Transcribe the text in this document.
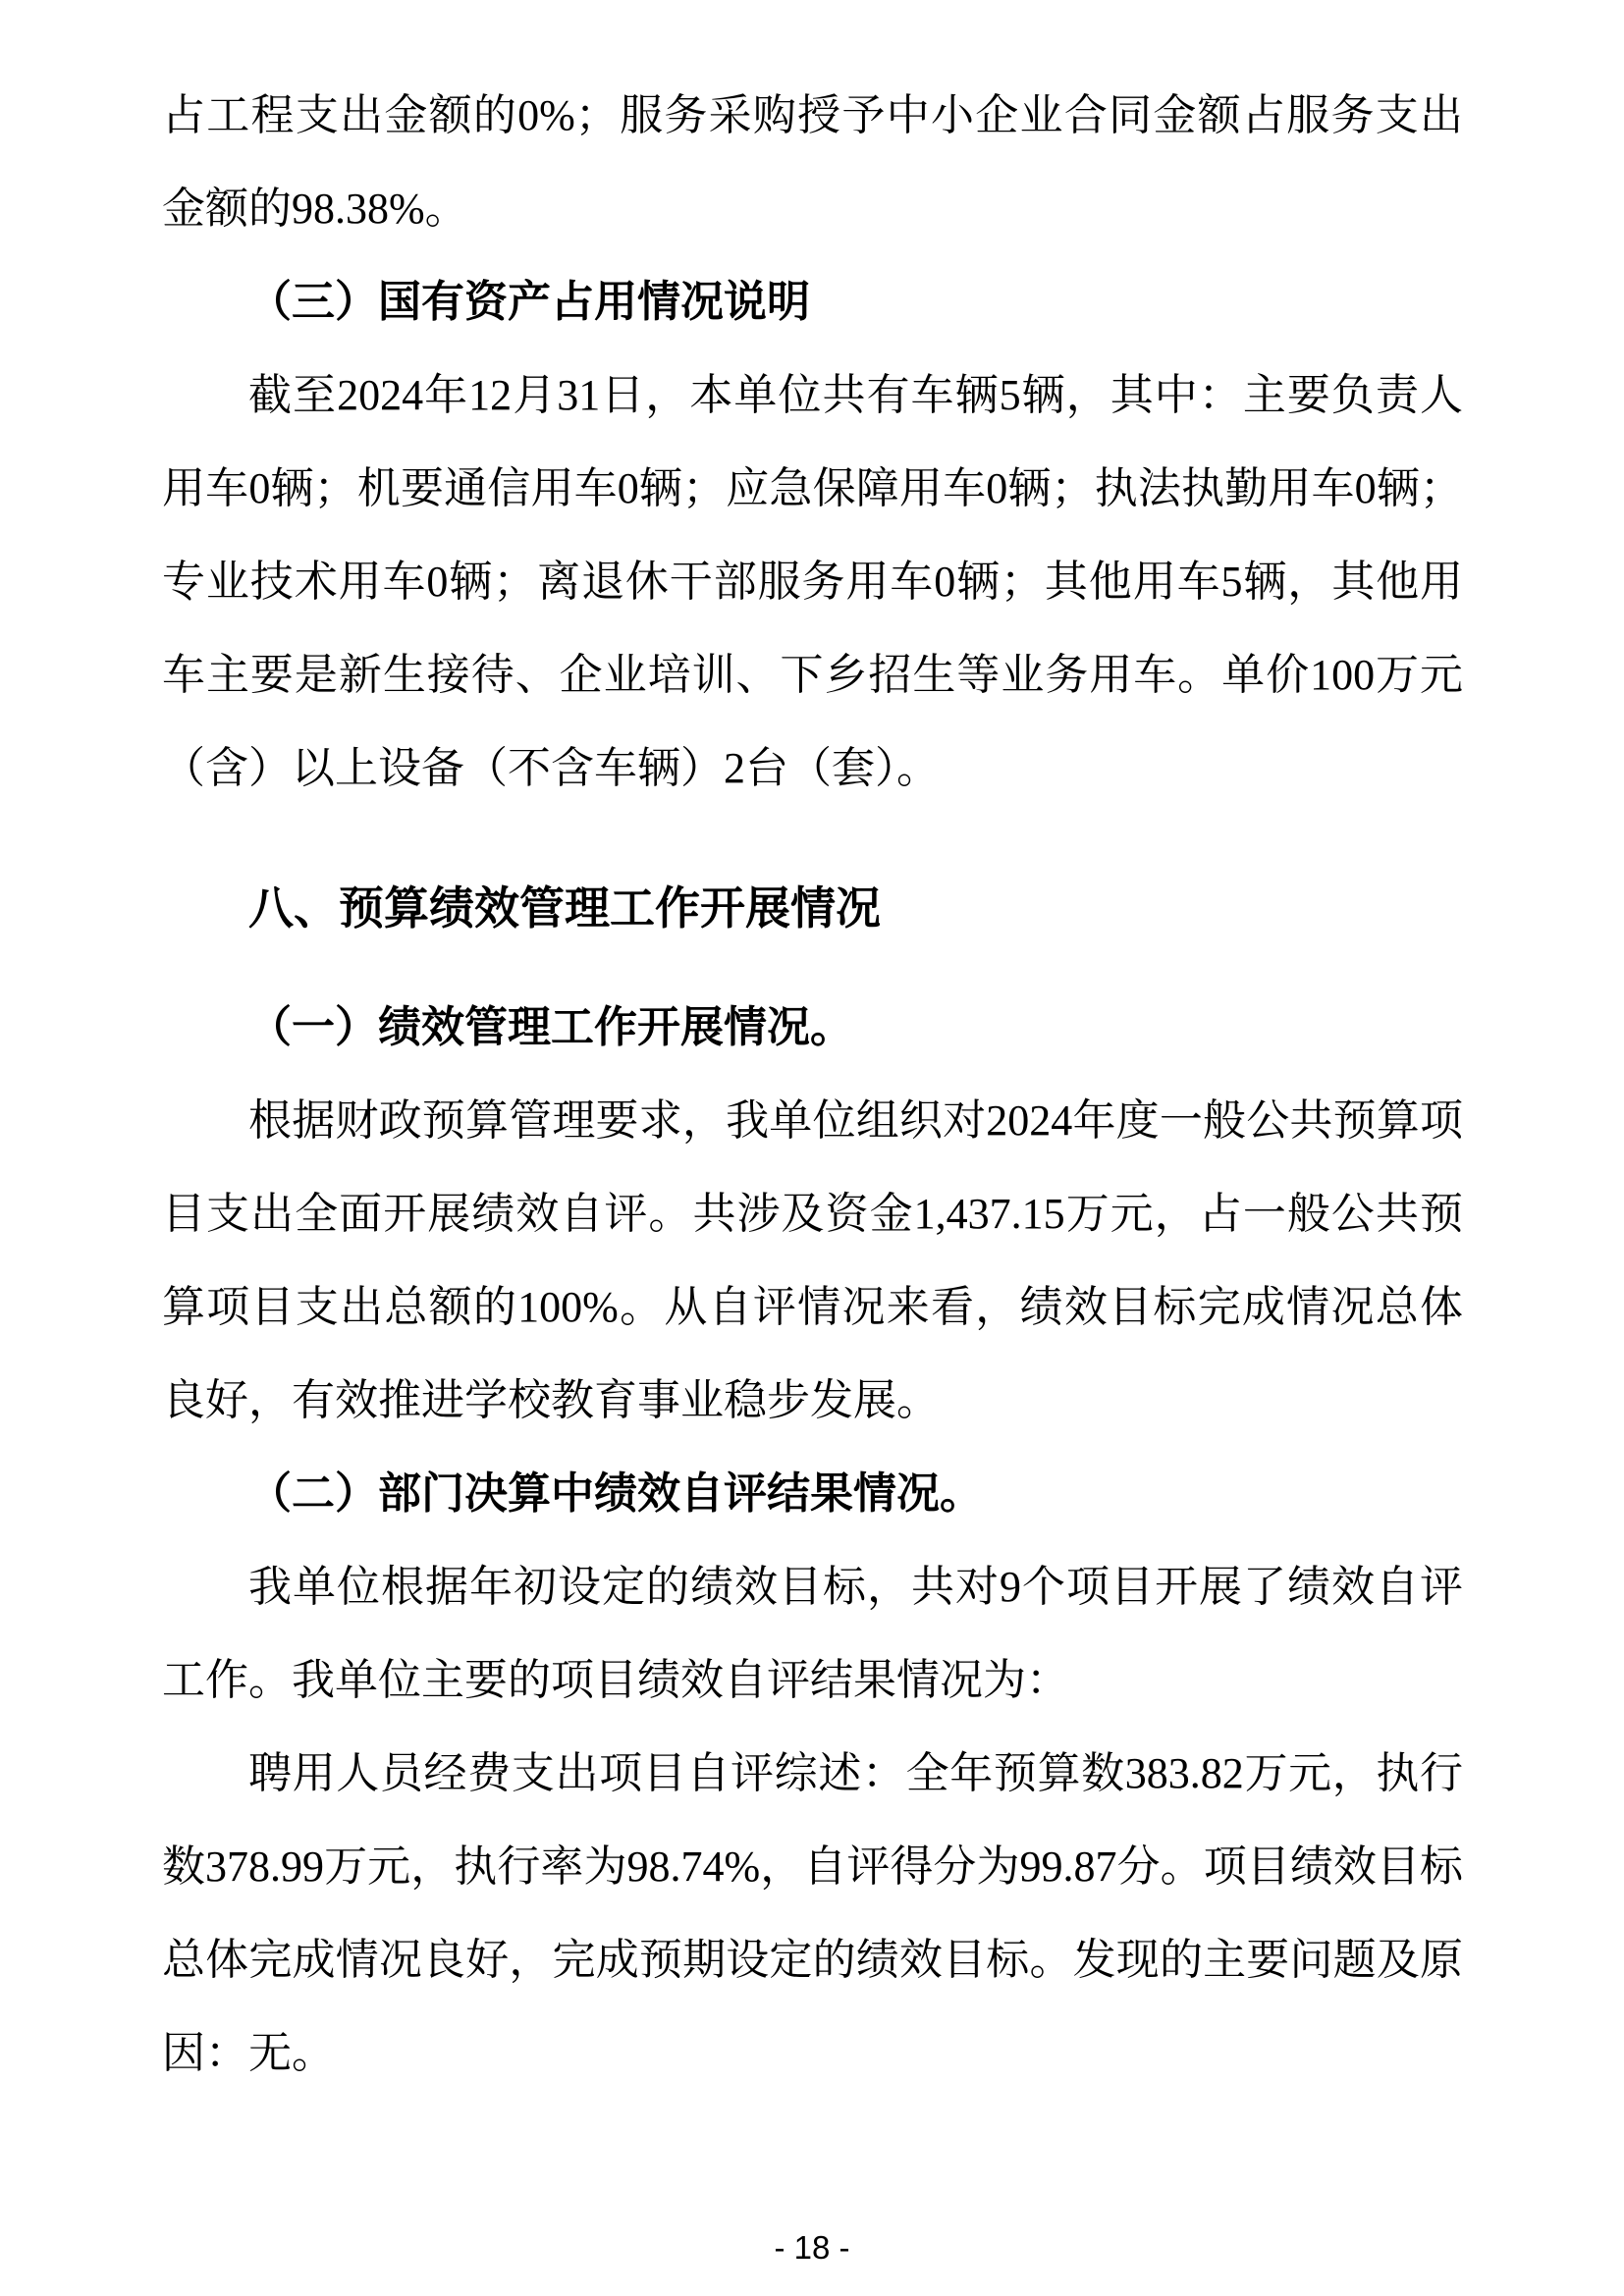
占工程支出金额的0%；服务采购授予中小企业合同金额占服务支出金额的98.38%。

（三）国有资产占用情况说明

截至2024年12月31日，本单位共有车辆5辆，其中：主要负责人用车0辆；机要通信用车0辆；应急保障用车0辆；执法执勤用车0辆；专业技术用车0辆；离退休干部服务用车0辆；其他用车5辆，其他用车主要是新生接待、企业培训、下乡招生等业务用车。单价100万元（含）以上设备（不含车辆）2台（套）。

八、预算绩效管理工作开展情况

（一）绩效管理工作开展情况。

根据财政预算管理要求，我单位组织对2024年度一般公共预算项目支出全面开展绩效自评。共涉及资金1,437.15万元，占一般公共预算项目支出总额的100%。从自评情况来看，绩效目标完成情况总体良好，有效推进学校教育事业稳步发展。

（二）部门决算中绩效自评结果情况。

我单位根据年初设定的绩效目标，共对9个项目开展了绩效自评工作。我单位主要的项目绩效自评结果情况为：

聘用人员经费支出项目自评综述：全年预算数383.82万元，执行数378.99万元，执行率为98.74%，自评得分为99.87分。项目绩效目标总体完成情况良好，完成预期设定的绩效目标。发现的主要问题及原因：无。

- 18 -
